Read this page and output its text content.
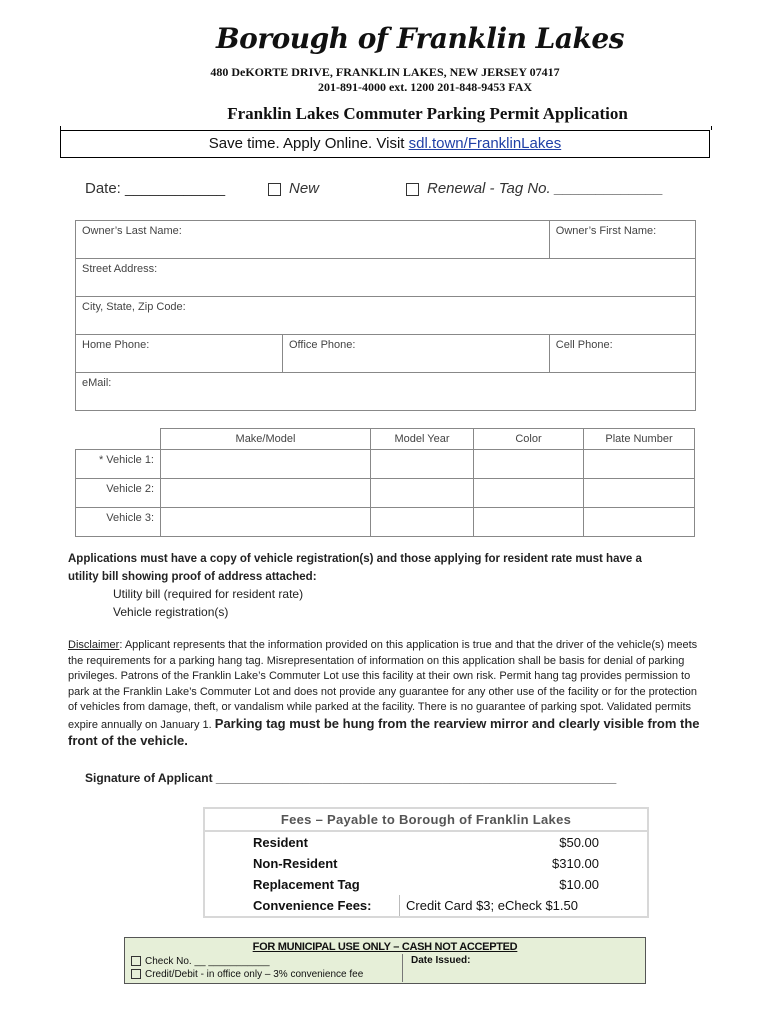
Borough of Franklin Lakes
480 DeKORTE DRIVE, FRANKLIN LAKES, NEW JERSEY 07417
201-891-4000 ext. 1200 201-848-9453 FAX
Franklin Lakes Commuter Parking Permit Application
Save time. Apply Online. Visit sdl.town/FranklinLakes
Date: ____________	New	Renewal - Tag No. _____________
Owner’s Last Name:		Owner’s First Name:
Street Address:		
City, State, Zip Code:		
Home Phone:	Office Phone:	Cell Phone:
eMail:		
	Make/Model	Model Year	Color	Plate Number
* Vehicle 1:				
Vehicle 2:				
Vehicle 3:				
Applications must have a copy of vehicle registration(s) and those applying for resident rate must have a
utility bill showing proof of address attached:
Utility bill (required for resident rate)
Vehicle registration(s)
Disclaimer: Applicant represents that the information provided on this application is true and that the driver of the vehicle(s) meets the requirements for a parking hang tag. Misrepresentation of information on this application shall be basis for denial of parking privileges. Patrons of the Franklin Lake’s Commuter Lot use this facility at their own risk. Permit hang tag provides permission to park at the Franklin Lake’s Commuter Lot and does not provide any guarantee for any other use of the facility or for the protection of vehicles from damage, theft, or vandalism while parked at the facility. There is no guarantee of parking spot. Validated permits expire annually on January 1. Parking tag must be hung from the rearview mirror and clearly visible from the front of the vehicle.
Signature of Applicant ____________________________________________________________
Fees – Payable to Borough of Franklin Lakes	
Resident	$50.00
Non-Resident	$310.00
Replacement Tag	$10.00
Convenience Fees:	Credit Card $3; eCheck $1.50
FOR MUNICIPAL USE ONLY – CASH NOT ACCEPTED
Check No. __ ___________
Credit/Debit - in office only – 3% convenience fee
	Date Issued:
